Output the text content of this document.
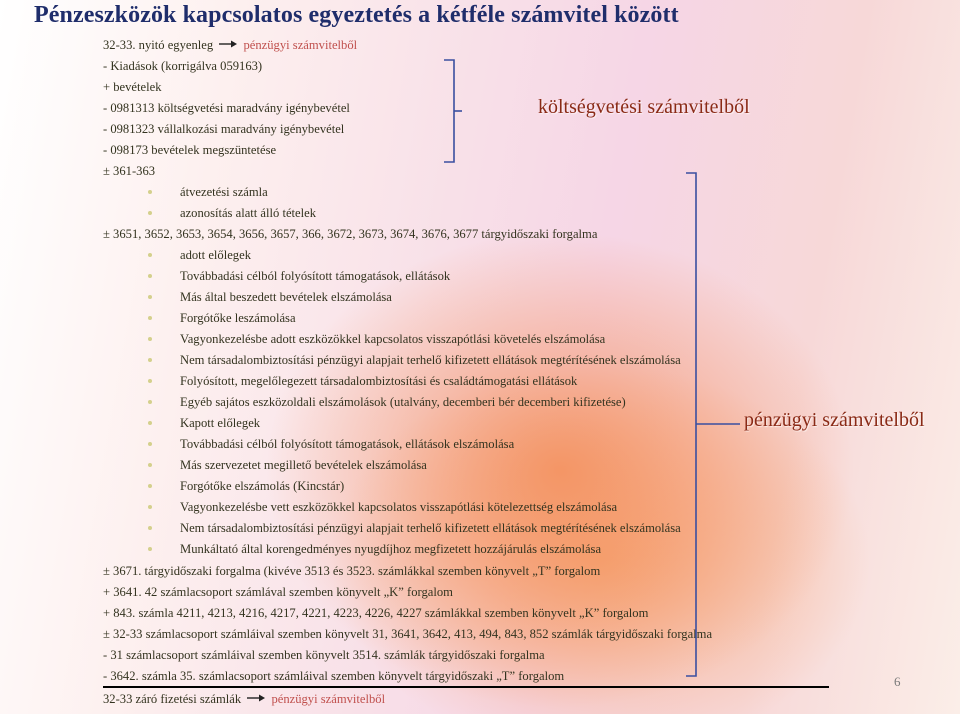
Pénzeszközök kapcsolatos egyeztetés a kétféle számvitel között
32-33. nyitó egyenleg pénzügyi számvitelből
- Kiadások (korrigálva 059163)
+ bevételek
- 0981313 költségvetési maradvány igénybevétel
- 0981323 vállalkozási maradvány igénybevétel
- 098173 bevételek megszüntetése
± 361-363
átvezetési számla
azonosítás alatt álló tételek
± 3651, 3652, 3653, 3654, 3656, 3657, 366, 3672, 3673, 3674, 3676, 3677 tárgyidőszaki forgalma
adott előlegek
Továbbadási célból folyósított támogatások, ellátások
Más által beszedett bevételek elszámolása
Forgótőke leszámolása
Vagyonkezelésbe adott eszközökkel kapcsolatos visszapótlási követelés elszámolása
Nem társadalombiztosítási pénzügyi alapjait terhelő kifizetett ellátások megtérítésének elszámolása
Folyósított, megelőlegezett társadalombiztosítási és családtámogatási ellátások
Egyéb sajátos eszközoldali elszámolások (utalvány, decemberi bér decemberi kifizetése)
Kapott előlegek
Továbbadási célból folyósított támogatások, ellátások elszámolása
Más szervezetet megillető bevételek elszámolása
Forgótőke elszámolás (Kincstár)
Vagyonkezelésbe vett eszközökkel kapcsolatos visszapótlási kötelezettség elszámolása
Nem társadalombiztosítási pénzügyi alapjait terhelő kifizetett ellátások megtérítésének elszámolása
Munkáltató által korengedményes nyugdíjhoz megfizetett hozzájárulás elszámolása
± 3671. tárgyidőszaki forgalma (kivéve 3513 és 3523. számlákkal szemben könyvelt „T” forgalom
+ 3641. 42 számlacsoport számlával szemben könyvelt „K” forgalom
+ 843. számla 4211, 4213, 4216, 4217, 4221, 4223, 4226, 4227 számlákkal szemben könyvelt „K” forgalom
± 32-33 számlacsoport számláival szemben könyvelt 31, 3641, 3642, 413, 494, 843, 852 számlák tárgyidőszaki forgalma
- 31 számlacsoport számláival szemben könyvelt 3514. számlák tárgyidőszaki forgalma
- 3642. számla 35. számlacsoport számláival szemben könyvelt tárgyidőszaki „T” forgalom
32-33 záró fizetési számlák pénzügyi számvitelből
költségvetési számvitelből
pénzügyi számvitelből
6
